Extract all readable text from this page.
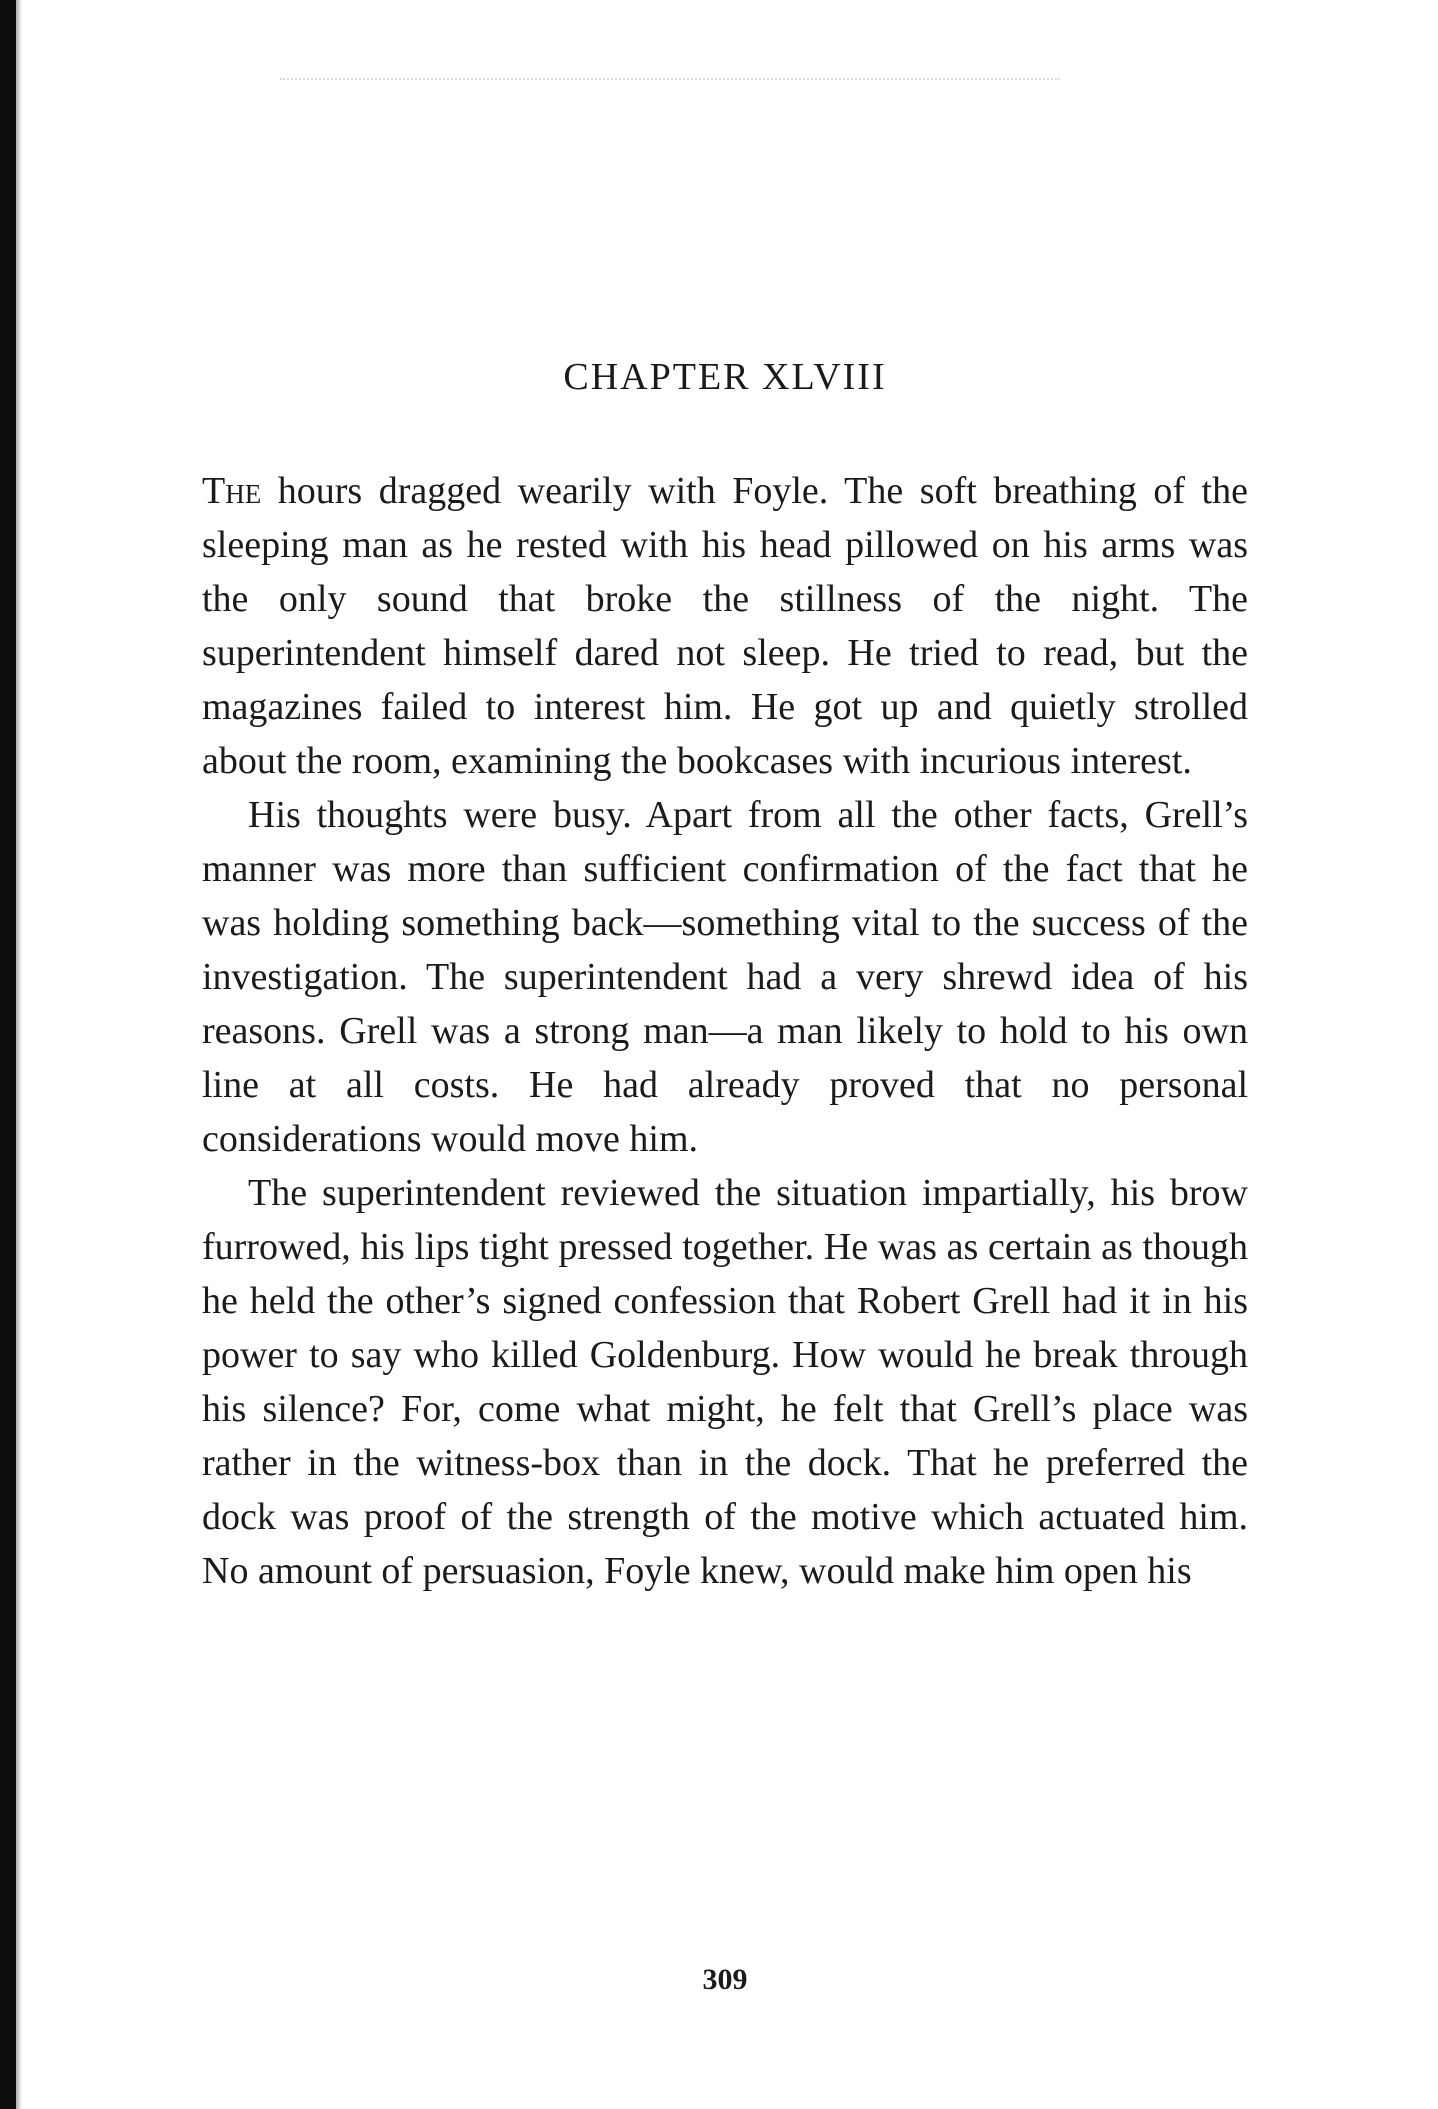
CHAPTER XLVIII

The hours dragged wearily with Foyle. The soft breathing of the sleeping man as he rested with his head pillowed on his arms was the only sound that broke the stillness of the night. The superintendent himself dared not sleep. He tried to read, but the magazines failed to interest him. He got up and quietly strolled about the room, examining the bookcases with incurious interest.

His thoughts were busy. Apart from all the other facts, Grell’s manner was more than sufficient confirmation of the fact that he was holding something back—something vital to the success of the investigation. The superintendent had a very shrewd idea of his reasons. Grell was a strong man—a man likely to hold to his own line at all costs. He had already proved that no personal considerations would move him.

The superintendent reviewed the situation impartially, his brow furrowed, his lips tight pressed together. He was as certain as though he held the other’s signed confession that Robert Grell had it in his power to say who killed Goldenburg. How would he break through his silence? For, come what might, he felt that Grell’s place was rather in the witness-box than in the dock. That he preferred the dock was proof of the strength of the motive which actuated him. No amount of persuasion, Foyle knew, would make him open his

309
